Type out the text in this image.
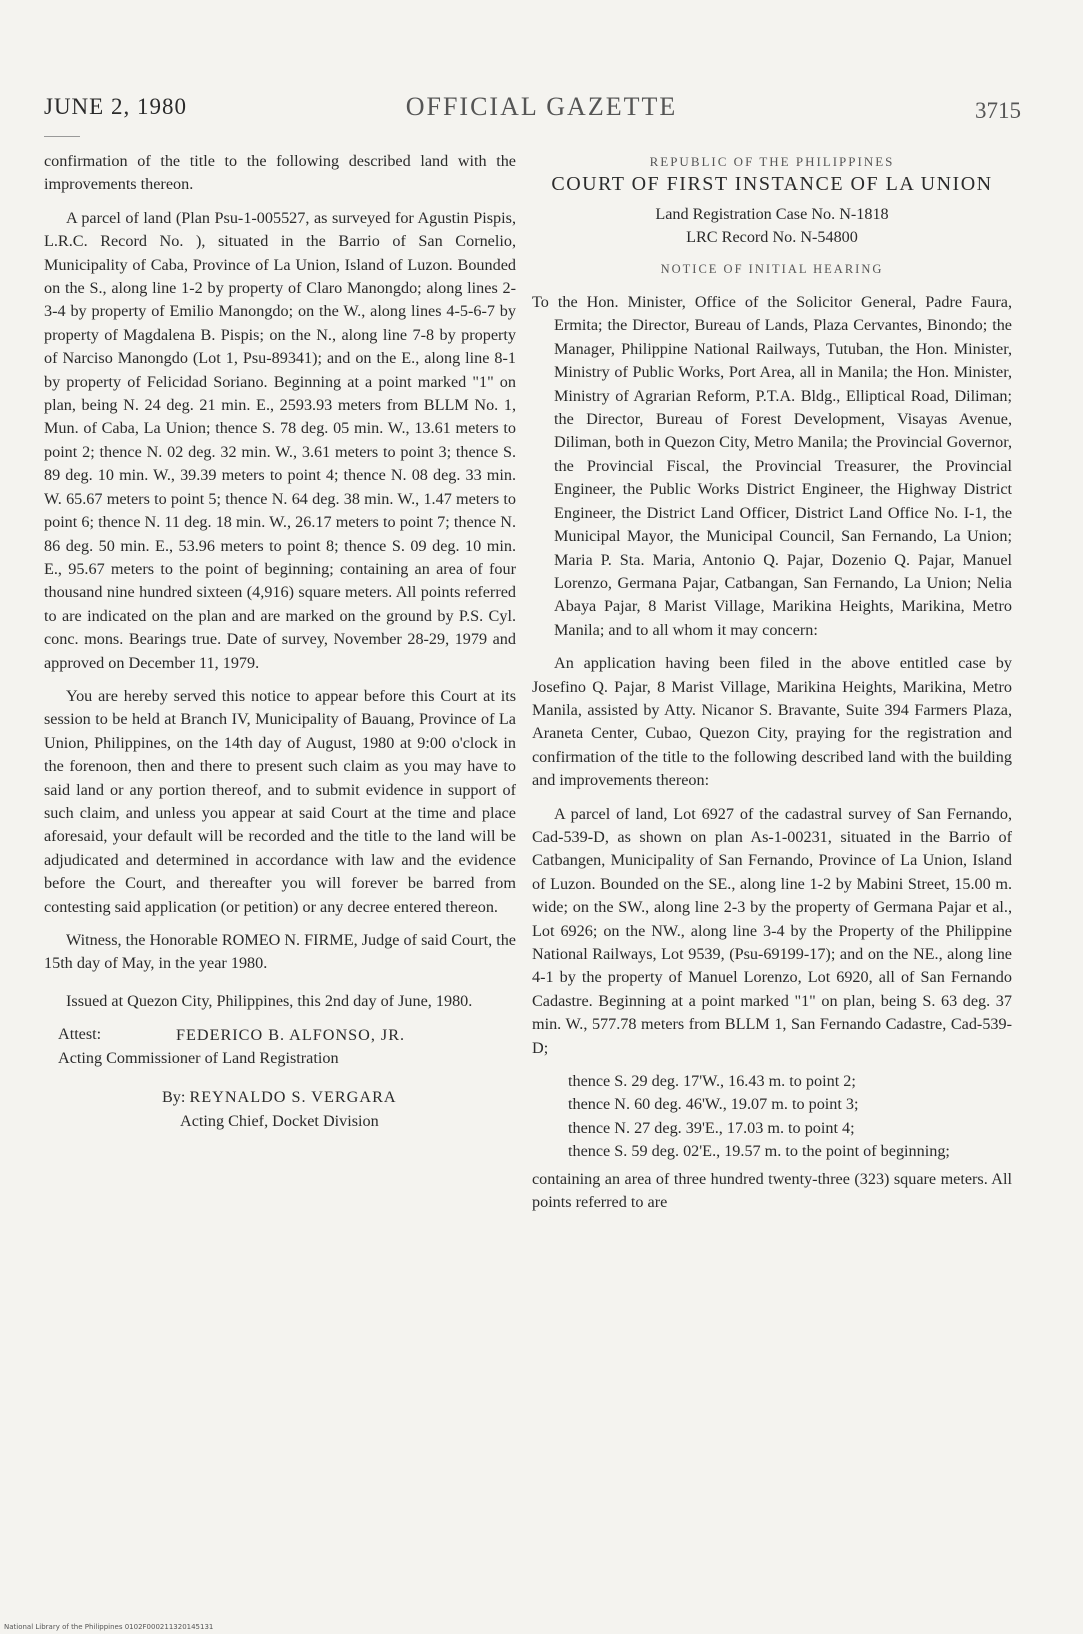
JUNE 2, 1980	OFFICIAL GAZETTE	3715

confirmation of the title to the following described land with the improvements thereon.

A parcel of land (Plan Psu-1-005527, as surveyed for Agustin Pispis, L.R.C. Record No. ), situated in the Barrio of San Cornelio, Municipality of Caba, Province of La Union, Island of Luzon. Bounded on the S., along line 1-2 by property of Claro Manongdo; along lines 2-3-4 by property of Emilio Manongdo; on the W., along lines 4-5-6-7 by property of Magdalena B. Pispis; on the N., along line 7-8 by property of Narciso Manongdo (Lot 1, Psu-89341); and on the E., along line 8-1 by property of Felicidad Soriano. Beginning at a point marked "1" on plan, being N. 24 deg. 21 min. E., 2593.93 meters from BLLM No. 1, Mun. of Caba, La Union; thence S. 78 deg. 05 min. W., 13.61 meters to point 2; thence N. 02 deg. 32 min. W., 3.61 meters to point 3; thence S. 89 deg. 10 min. W., 39.39 meters to point 4; thence N. 08 deg. 33 min. W. 65.67 meters to point 5; thence N. 64 deg. 38 min. W., 1.47 meters to point 6; thence N. 11 deg. 18 min. W., 26.17 meters to point 7; thence N. 86 deg. 50 min. E., 53.96 meters to point 8; thence S. 09 deg. 10 min. E., 95.67 meters to the point of beginning; containing an area of four thousand nine hundred sixteen (4,916) square meters. All points referred to are indicated on the plan and are marked on the ground by P.S. Cyl. conc. mons. Bearings true. Date of survey, November 28-29, 1979 and approved on December 11, 1979.

You are hereby served this notice to appear before this Court at its session to be held at Branch IV, Municipality of Bauang, Province of La Union, Philippines, on the 14th day of August, 1980 at 9:00 o'clock in the forenoon, then and there to present such claim as you may have to said land or any portion thereof, and to submit evidence in support of such claim, and unless you appear at said Court at the time and place aforesaid, your default will be recorded and the title to the land will be adjudicated and determined in accordance with law and the evidence before the Court, and thereafter you will forever be barred from contesting said application (or petition) or any decree entered thereon.

Witness, the Honorable ROMEO N. FIRME, Judge of said Court, the 15th day of May, in the year 1980.

Issued at Quezon City, Philippines, this 2nd day of June, 1980.

Attest:	FEDERICO B. ALFONSO, JR.

Acting Commissioner of Land Registration

By: REYNALDO S. VERGARA

Acting Chief, Docket Division

REPUBLIC OF THE PHILIPPINES

COURT OF FIRST INSTANCE OF LA UNION

Land Registration Case No. N-1818

LRC Record No. N-54800

NOTICE OF INITIAL HEARING

To the Hon. Minister, Office of the Solicitor General, Padre Faura, Ermita; the Director, Bureau of Lands, Plaza Cervantes, Binondo; the Manager, Philippine National Railways, Tutuban, the Hon. Minister, Ministry of Public Works, Port Area, all in Manila; the Hon. Minister, Ministry of Agrarian Reform, P.T.A. Bldg., Elliptical Road, Diliman; the Director, Bureau of Forest Development, Visayas Avenue, Diliman, both in Quezon City, Metro Manila; the Provincial Governor, the Provincial Fiscal, the Provincial Treasurer, the Provincial Engineer, the Public Works District Engineer, the Highway District Engineer, the District Land Officer, District Land Office No. I-1, the Municipal Mayor, the Municipal Council, San Fernando, La Union; Maria P. Sta. Maria, Antonio Q. Pajar, Dozenio Q. Pajar, Manuel Lorenzo, Germana Pajar, Catbangan, San Fernando, La Union; Nelia Abaya Pajar, 8 Marist Village, Marikina Heights, Marikina, Metro Manila; and to all whom it may concern:

An application having been filed in the above entitled case by Josefino Q. Pajar, 8 Marist Village, Marikina Heights, Marikina, Metro Manila, assisted by Atty. Nicanor S. Bravante, Suite 394 Farmers Plaza, Araneta Center, Cubao, Quezon City, praying for the registration and confirmation of the title to the following described land with the building and improvements thereon:

A parcel of land, Lot 6927 of the cadastral survey of San Fernando, Cad-539-D, as shown on plan As-1-00231, situated in the Barrio of Catbangen, Municipality of San Fernando, Province of La Union, Island of Luzon. Bounded on the SE., along line 1-2 by Mabini Street, 15.00 m. wide; on the SW., along line 2-3 by the property of Germana Pajar et al., Lot 6926; on the NW., along line 3-4 by the Property of the Philippine National Railways, Lot 9539, (Psu-69199-17); and on the NE., along line 4-1 by the property of Manuel Lorenzo, Lot 6920, all of San Fernando Cadastre. Beginning at a point marked "1" on plan, being S. 63 deg. 37 min. W., 577.78 meters from BLLM 1, San Fernando Cadastre, Cad-539-D;

thence S. 29 deg. 17'W., 16.43 m. to point 2;

thence N. 60 deg. 46'W., 19.07 m. to point 3;

thence N. 27 deg. 39'E., 17.03 m. to point 4;

thence S. 59 deg. 02'E., 19.57 m. to the point of beginning;

containing an area of three hundred twenty-three (323) square meters. All points referred to are

National Library of the Philippines 0102F000211320145131
